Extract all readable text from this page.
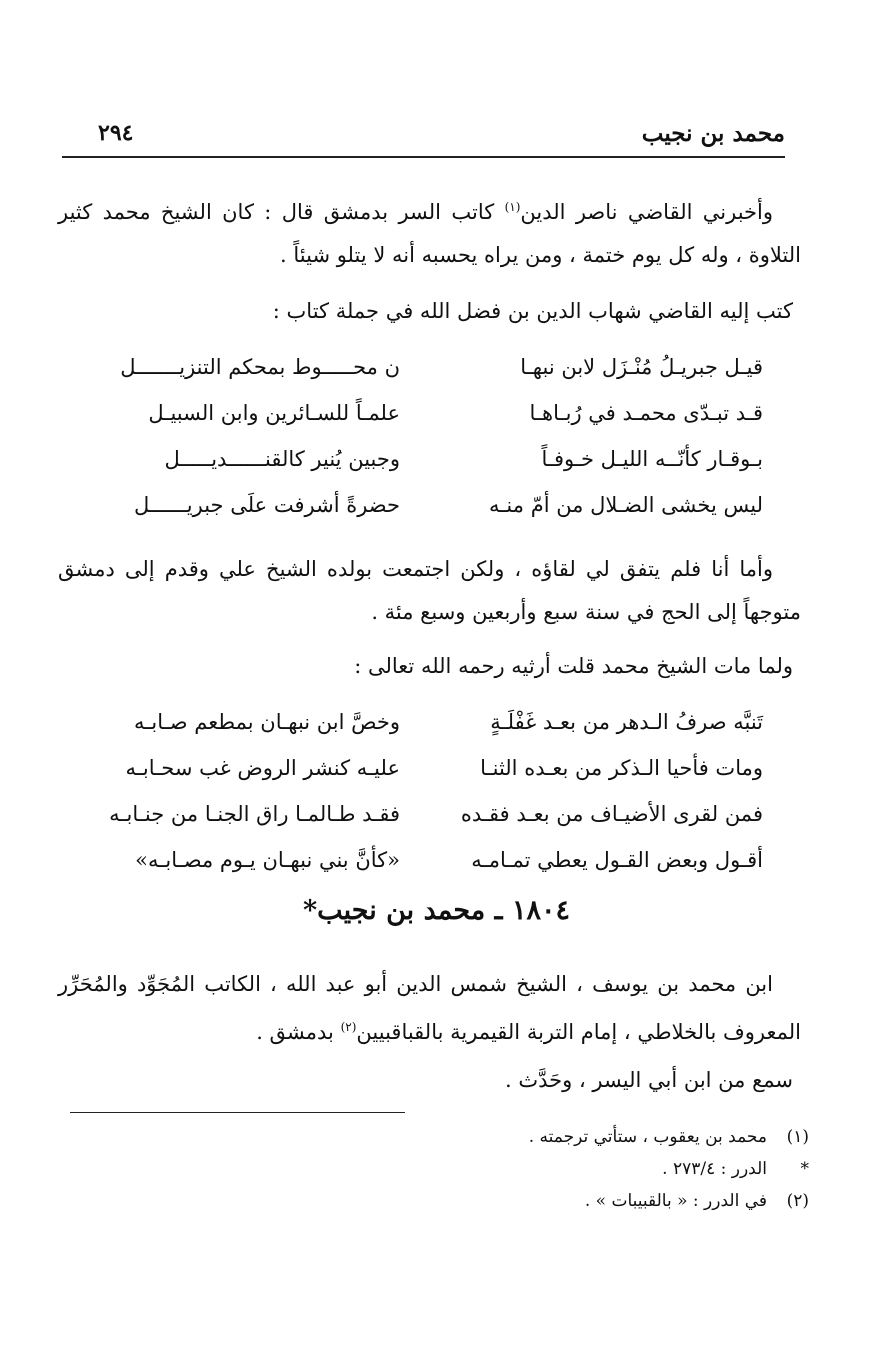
محمد بن نجيب
٢٩٤
وأخبرني القاضي ناصر الدين$^{(١)}$ كاتب السر بدمشق قال : كان الشيخ محمد كثير التلاوة ، وله كل يوم ختمة ، ومن يراه يحسبه أنه لا يتلو شيئاً .
كتب إليه القاضي شهاب الدين بن فضل الله في جملة كتاب :
قيـل جبريـلُ مُنْـزَل لابن نبهـا
ن محـــــوط بمحكم التنزيـــــــل
قـد تبـدّى محمـد في رُبـاهـا
علمـاً للسـائرين وابن السبيـل
بـوقـار كأنّــه الليـل خـوفـاً
وجبين يُنير كالقنــــــديـــــل
ليس يخشى الضـلال من أمّ منـه
حضرةً أشرفت علَى جبريــــــل
وأما أنا فلم يتفق لي لقاؤه ، ولكن اجتمعت بولده الشيخ علي وقدم إلى دمشق متوجهاً إلى الحج في سنة سبع وأربعين وسبع مئة .
ولما مات الشيخ محمد قلت أرثيه رحمه الله تعالى :
تَنبَّه صرفُ الـدهر من بعـد غَفْلَـةٍ
وخصَّ ابن نبهـان بمطعم صـابـه
ومات فأحيا الـذكر من بعـده الثنـا
عليـه كنشر الروض غب سحـابـه
فمن لقرى الأضيـاف من بعـد فقـده
فقـد طـالمـا راق الجنـا من جنـابـه
أقـول وبعض القـول يعطي تمـامـه
«كأنَّ بني نبهـان يـوم مصـابـه»
١٨٠٤ ـ محمد بن نجيب*
ابن محمد بن يوسف ، الشيخ شمس الدين أبو عبد الله ، الكاتب المُجَوِّد والمُحَرِّر المعروف بالخلاطي ، إمام التربة القيمرية بالقباقبيين$^{(٢)}$ بدمشق .
سمع من ابن أبي اليسر ، وحَدَّث .
(١)
محمد بن يعقوب ، ستأتي ترجمته .
*
الدرر : ٢٧٣/٤ .
(٢)
في الدرر : « بالقبيبات » .
